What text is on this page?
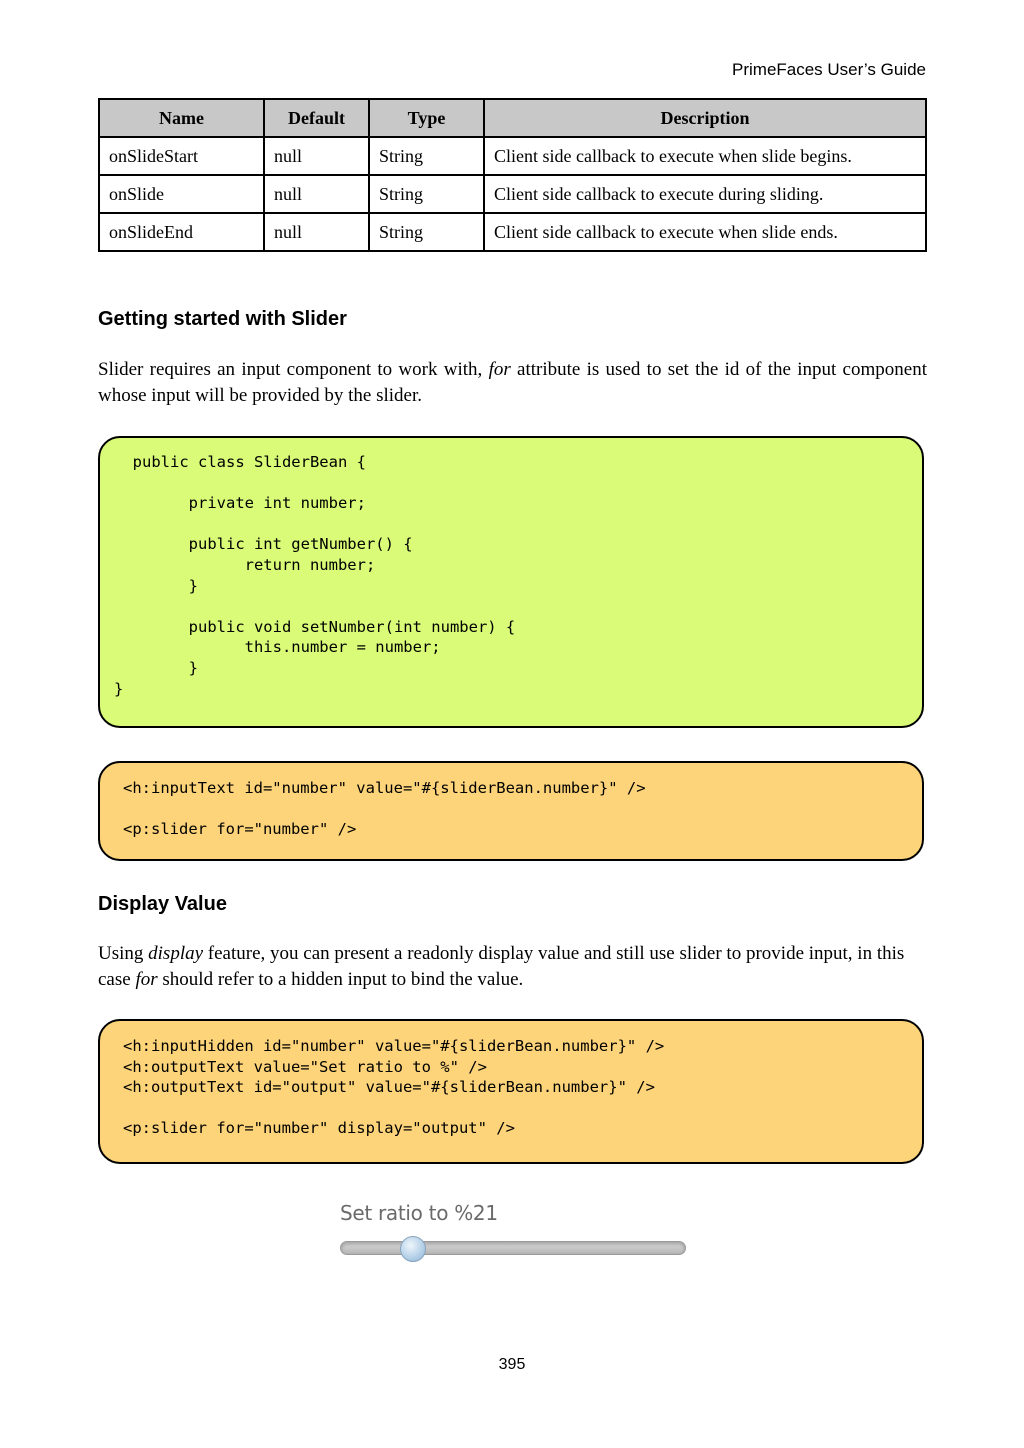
PrimeFaces User’s Guide
Name	Default	Type	Description
onSlideStart	null	String	Client side callback to execute when slide begins.
onSlide	null	String	Client side callback to execute during sliding.
onSlideEnd	null	String	Client side callback to execute when slide ends.
Getting started with Slider
Slider requires an input component to work with, for attribute is used to set the id of the input component whose input will be provided by the slider.
public class SliderBean {

private int number;

public int getNumber() {
return number;
}

public void setNumber(int number) {
this.number = number;
}
}
<h:inputText id="number" value="#{sliderBean.number}" />

<p:slider for="number" />
Display Value
Using display feature, you can present a readonly display value and still use slider to provide input, in this case for should refer to a hidden input to bind the value.
<h:inputHidden id="number" value="#{sliderBean.number}" />
<h:outputText value="Set ratio to %" />
<h:outputText id="output" value="#{sliderBean.number}" />

<p:slider for="number" display="output" />
Set ratio to %21
395
